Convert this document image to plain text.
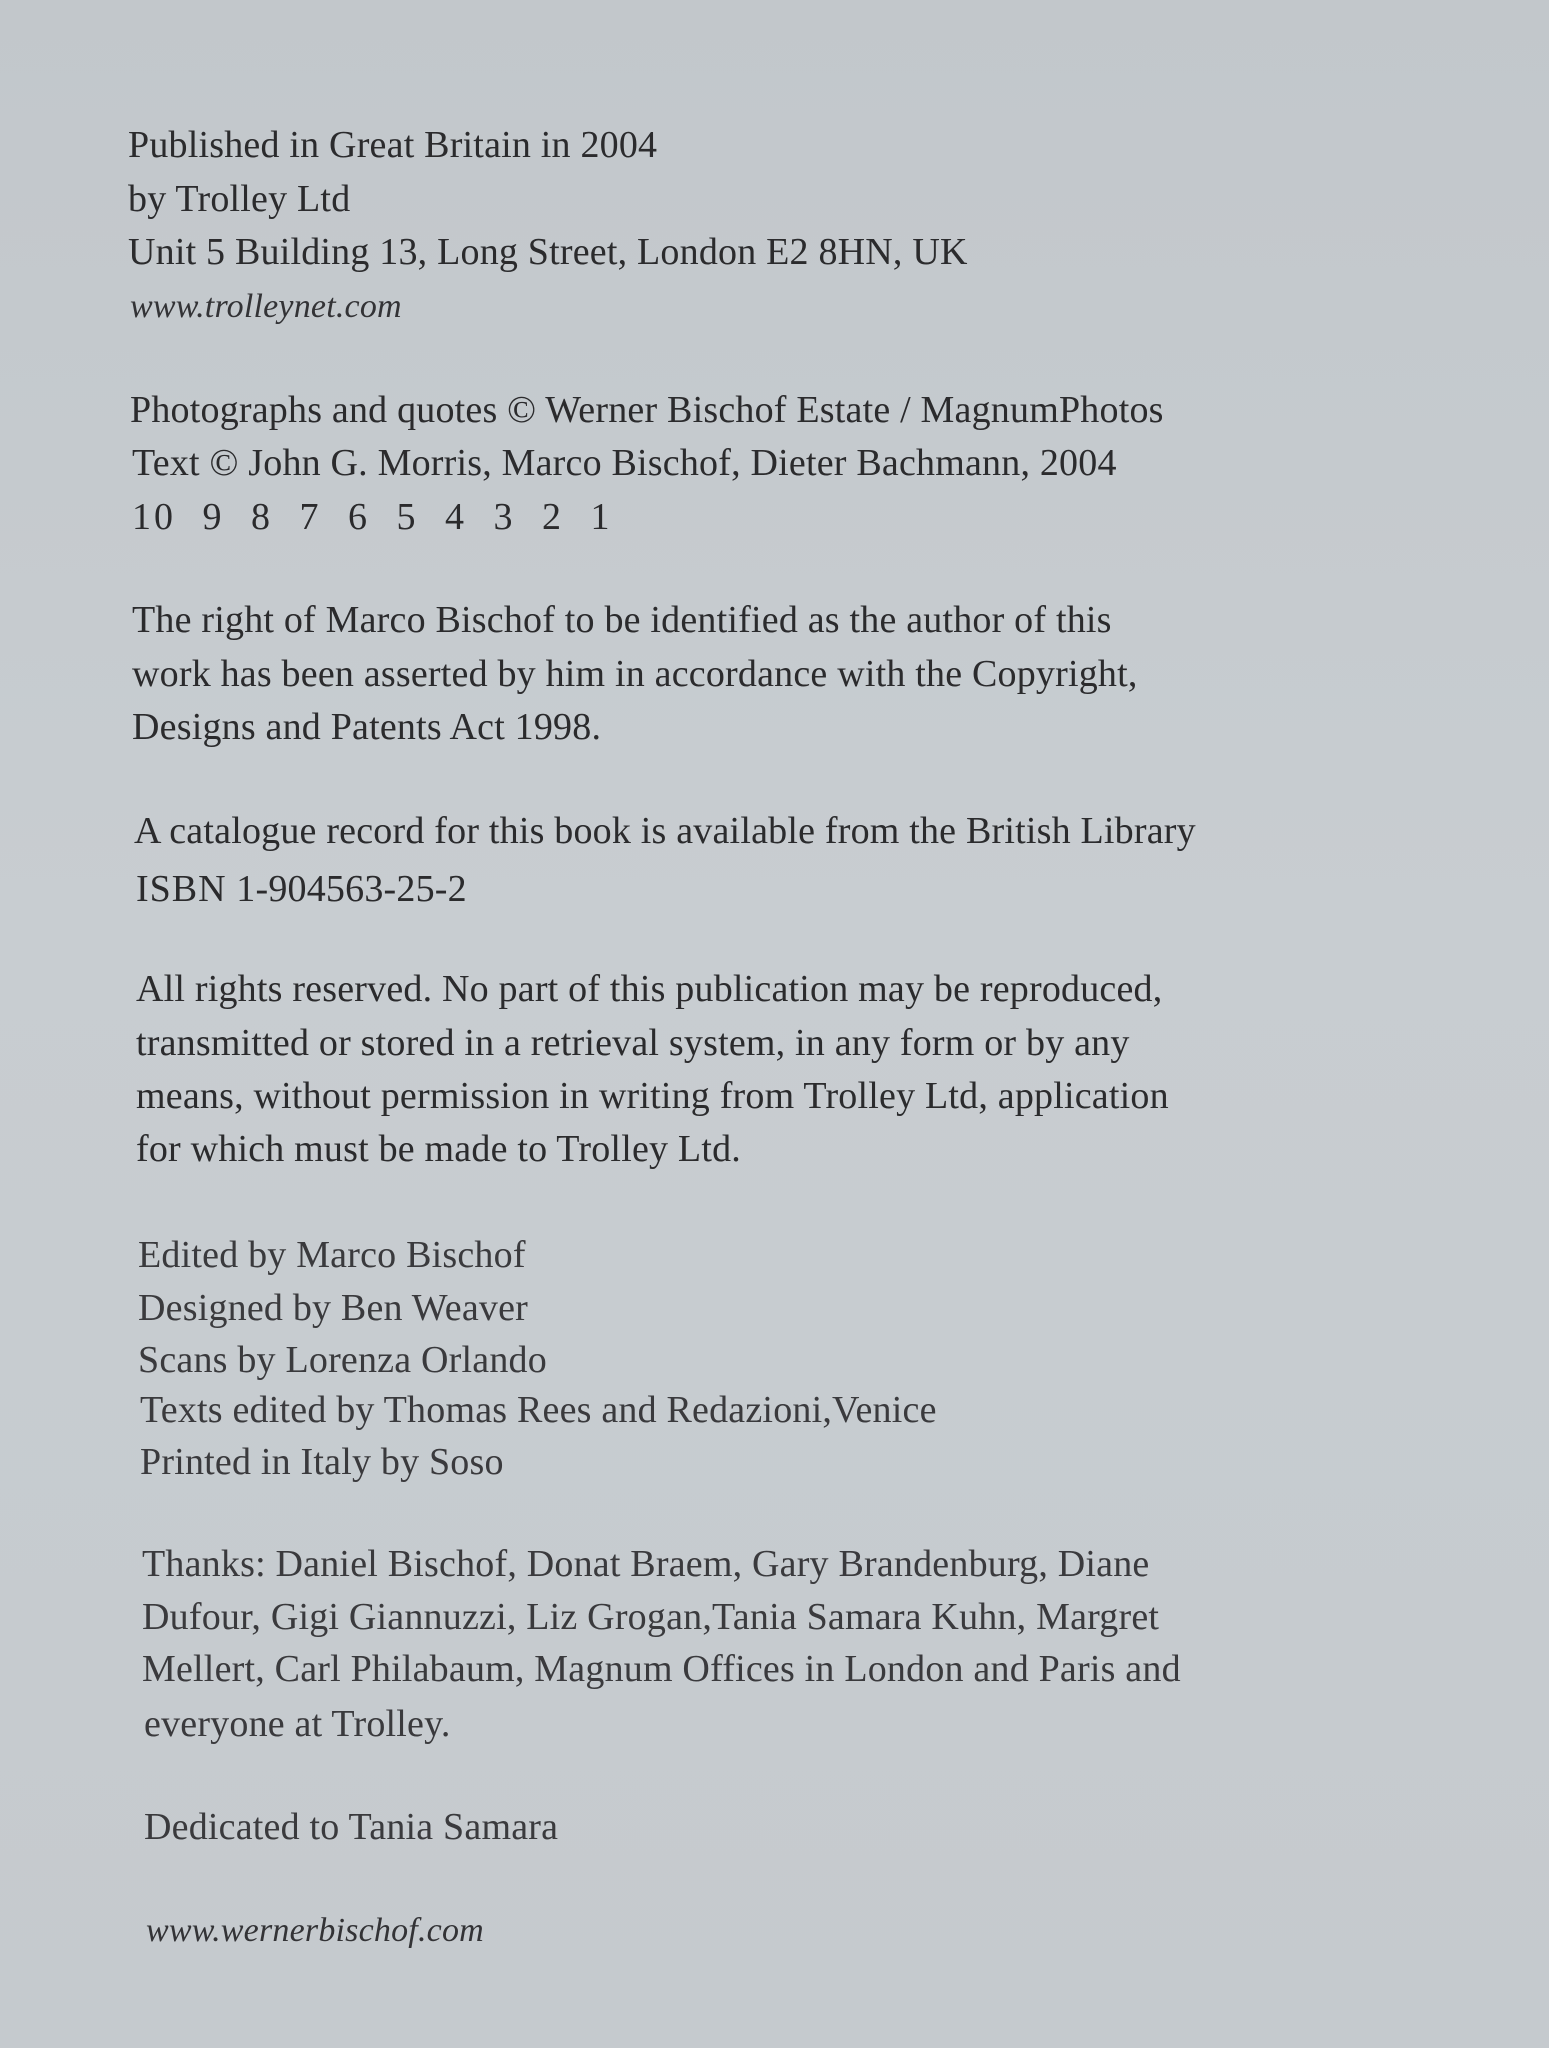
Published in Great Britain in 2004
by Trolley Ltd
Unit 5 Building 13, Long Street, London E2 8HN, UK
www.trolleynet.com
Photographs and quotes © Werner Bischof Estate / MagnumPhotos
Text © John G. Morris, Marco Bischof, Dieter Bachmann, 2004
10 9 8 7 6 5 4 3 2 1
The right of Marco Bischof to be identified as the author of this
work has been asserted by him in accordance with the Copyright,
Designs and Patents Act 1998.
A catalogue record for this book is available from the British Library
ISBN 1-904563-25-2
All rights reserved. No part of this publication may be reproduced,
transmitted or stored in a retrieval system, in any form or by any
means, without permission in writing from Trolley Ltd, application
for which must be made to Trolley Ltd.
Edited by Marco Bischof
Designed by Ben Weaver
Scans by Lorenza Orlando
Texts edited by Thomas Rees and Redazioni,Venice
Printed in Italy by Soso
Thanks: Daniel Bischof, Donat Braem, Gary Brandenburg, Diane
Dufour, Gigi Giannuzzi, Liz Grogan,Tania Samara Kuhn, Margret
Mellert, Carl Philabaum, Magnum Offices in London and Paris and
everyone at Trolley.
Dedicated to Tania Samara
www.wernerbischof.com
